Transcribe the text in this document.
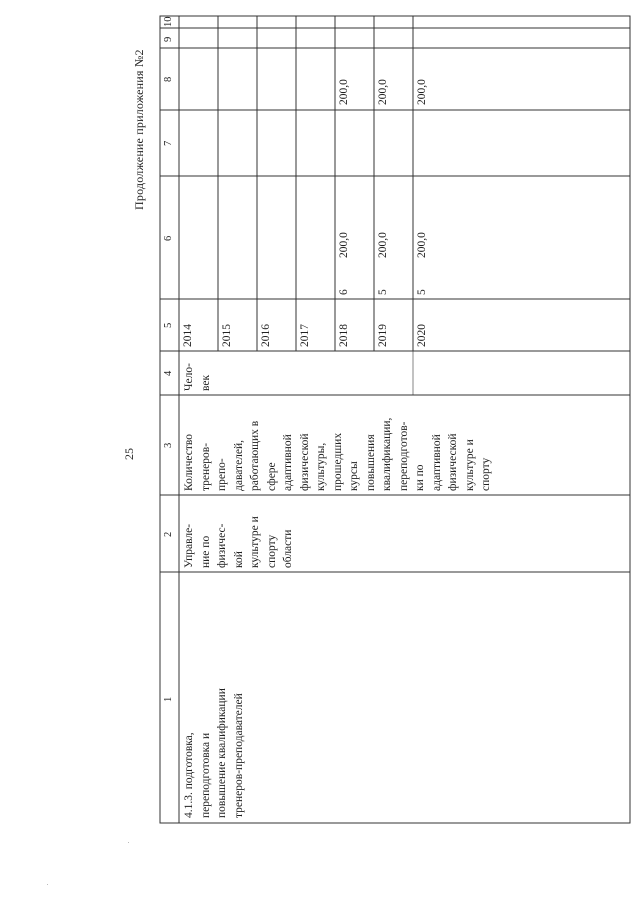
25
Продолжение приложения №2
1
2
3
4
5
6
7
8
9
10
4.1.3. подготовка,
переподготовка и
повышение квалификации
тренеров-преподавателей
Управле-
ние по
физичес-
кой
культуре и
спорту
области
Количество
тренеров-
препо-
давателей,
работающих в
сфере
адаптивной
физической
культуры,
прошедших
курсы
повышения
квалификации,
переподготов-
ки по
адаптивной
физической
культуре и
спорту
Чело-
век
2014 2015 2016 2017 2018 2019 2020
6 5 5
200,0 200,0 200,0
200,0 200,0 200,0
